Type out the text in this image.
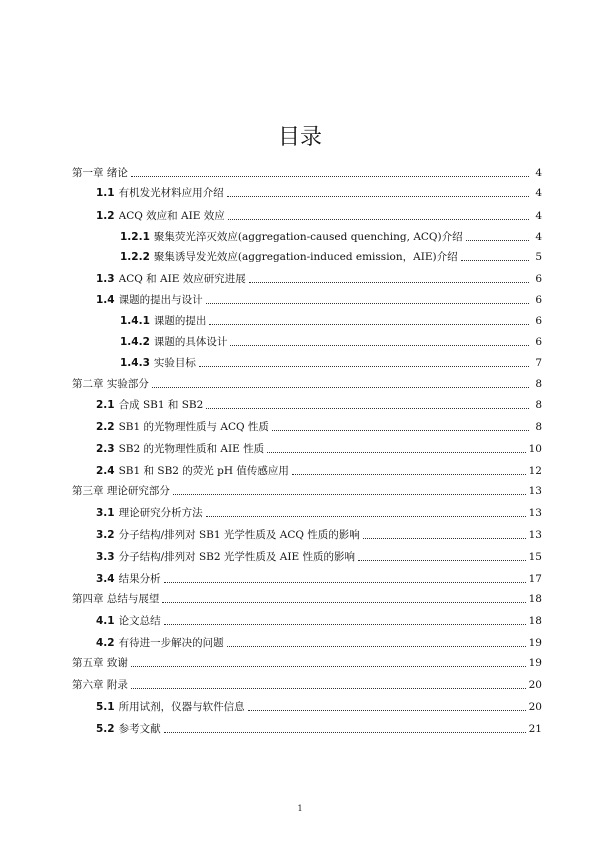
目录
第一章 绪论	4
1.1 有机发光材料应用介绍	4
1.2 ACQ 效应和 AIE 效应	4
1.2.1 聚集荧光淬灭效应(aggregation-caused quenching, ACQ)介绍	4
1.2.2 聚集诱导发光效应(aggregation-induced emission，AIE)介绍	5
1.3 ACQ 和 AIE 效应研究进展	6
1.4 课题的提出与设计	6
1.4.1 课题的提出	6
1.4.2 课题的具体设计	6
1.4.3 实验目标	7
第二章 实验部分	8
2.1 合成 SB1 和 SB2	8
2.2 SB1 的光物理性质与 ACQ 性质	8
2.3 SB2 的光物理性质和 AIE 性质	10
2.4 SB1 和 SB2 的荧光 pH 值传感应用	12
第三章 理论研究部分	13
3.1 理论研究分析方法	13
3.2 分子结构/排列对 SB1 光学性质及 ACQ 性质的影响	13
3.3 分子结构/排列对 SB2 光学性质及 AIE 性质的影响	15
3.4 结果分析	17
第四章 总结与展望	18
4.1 论文总结	18
4.2 有待进一步解决的问题	19
第五章 致谢	19
第六章 附录	20
5.1 所用试剂，仪器与软件信息	20
5.2 参考文献	21
1
